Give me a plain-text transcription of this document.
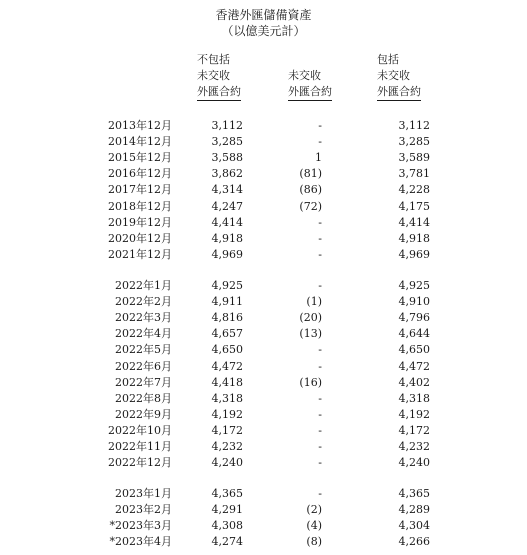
香港外匯儲備資產
（以億美元計）
不包括
未交收
外匯合約
未交收
外匯合約
包括
未交收
外匯合約
2013年12月	3,112	-	3,112
2014年12月	3,285	-	3,285
2015年12月	3,588	1	3,589
2016年12月	3,862	(81)	3,781
2017年12月	4,314	(86)	4,228
2018年12月	4,247	(72)	4,175
2019年12月	4,414	-	4,414
2020年12月	4,918	-	4,918
2021年12月	4,969	-	4,969
2022年1月	4,925	-	4,925
2022年2月	4,911	(1)	4,910
2022年3月	4,816	(20)	4,796
2022年4月	4,657	(13)	4,644
2022年5月	4,650	-	4,650
2022年6月	4,472	-	4,472
2022年7月	4,418	(16)	4,402
2022年8月	4,318	-	4,318
2022年9月	4,192	-	4,192
2022年10月	4,172	-	4,172
2022年11月	4,232	-	4,232
2022年12月	4,240	-	4,240
2023年1月	4,365	-	4,365
2023年2月	4,291	(2)	4,289
*2023年3月	4,308	(4)	4,304
*2023年4月	4,274	(8)	4,266
